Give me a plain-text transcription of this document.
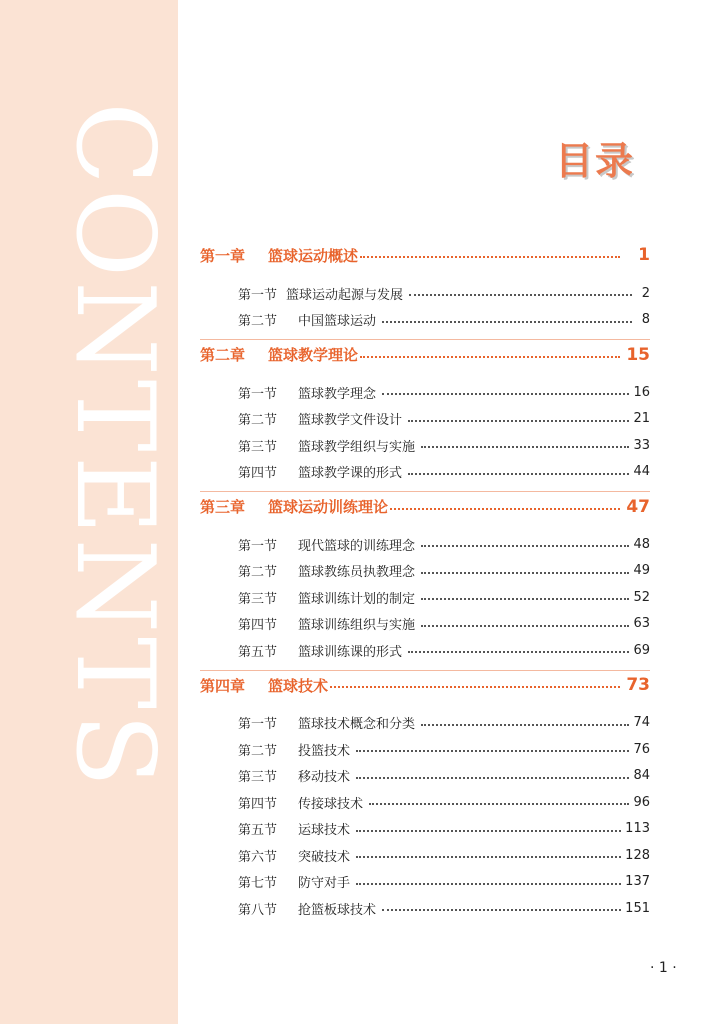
CONTENTS	目录
第一章	篮球运动概述	1
第一节 篮球运动起源与发展	2
第二节	中国篮球运动	8
第二章	篮球教学理论	15
第一节	篮球教学理念	16
第二节	篮球教学文件设计	21
第三节	篮球教学组织与实施	33
第四节	篮球教学课的形式	44
第三章	篮球运动训练理论	47
第一节	现代篮球的训练理念	48
第二节	篮球教练员执教理念	49
第三节	篮球训练计划的制定	52
第四节	篮球训练组织与实施	63
第五节	篮球训练课的形式	69
第四章	篮球技术	73
第一节	篮球技术概念和分类	74
第二节	投篮技术	76
第三节	移动技术	84
第四节	传接球技术	96
第五节	运球技术	113
第六节	突破技术	128
第七节	防守对手	137
第八节	抢篮板球技术	151
· 1 ·
